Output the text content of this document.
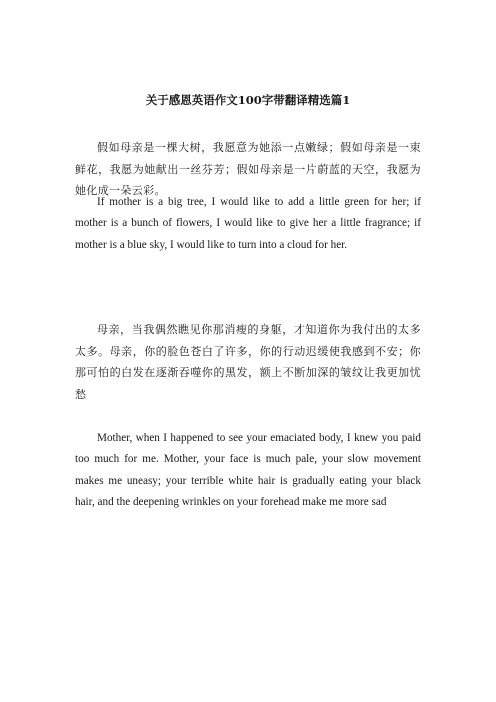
关于感恩英语作文100字带翻译精选篇1

假如母亲是一棵大树，我愿意为她添一点嫩绿；假如母亲是一束鲜花，我愿为她献出一丝芬芳；假如母亲是一片蔚蓝的天空，我愿为她化成一朵云彩。

If mother is a big tree, I would like to add a little green for her; if mother is a bunch of flowers, I would like to give her a little fragrance; if mother is a blue sky, I would like to turn into a cloud for her.

母亲，当我偶然瞧见你那消瘦的身躯，才知道你为我付出的太多太多。母亲，你的脸色苍白了许多，你的行动迟缓使我感到不安；你那可怕的白发在逐渐吞噬你的黑发，额上不断加深的皱纹让我更加忧愁

Mother, when I happened to see your emaciated body, I knew you paid too much for me. Mother, your face is much pale, your slow movement makes me uneasy; your terrible white hair is gradually eating your black hair, and the deepening wrinkles on your forehead make me more sad
